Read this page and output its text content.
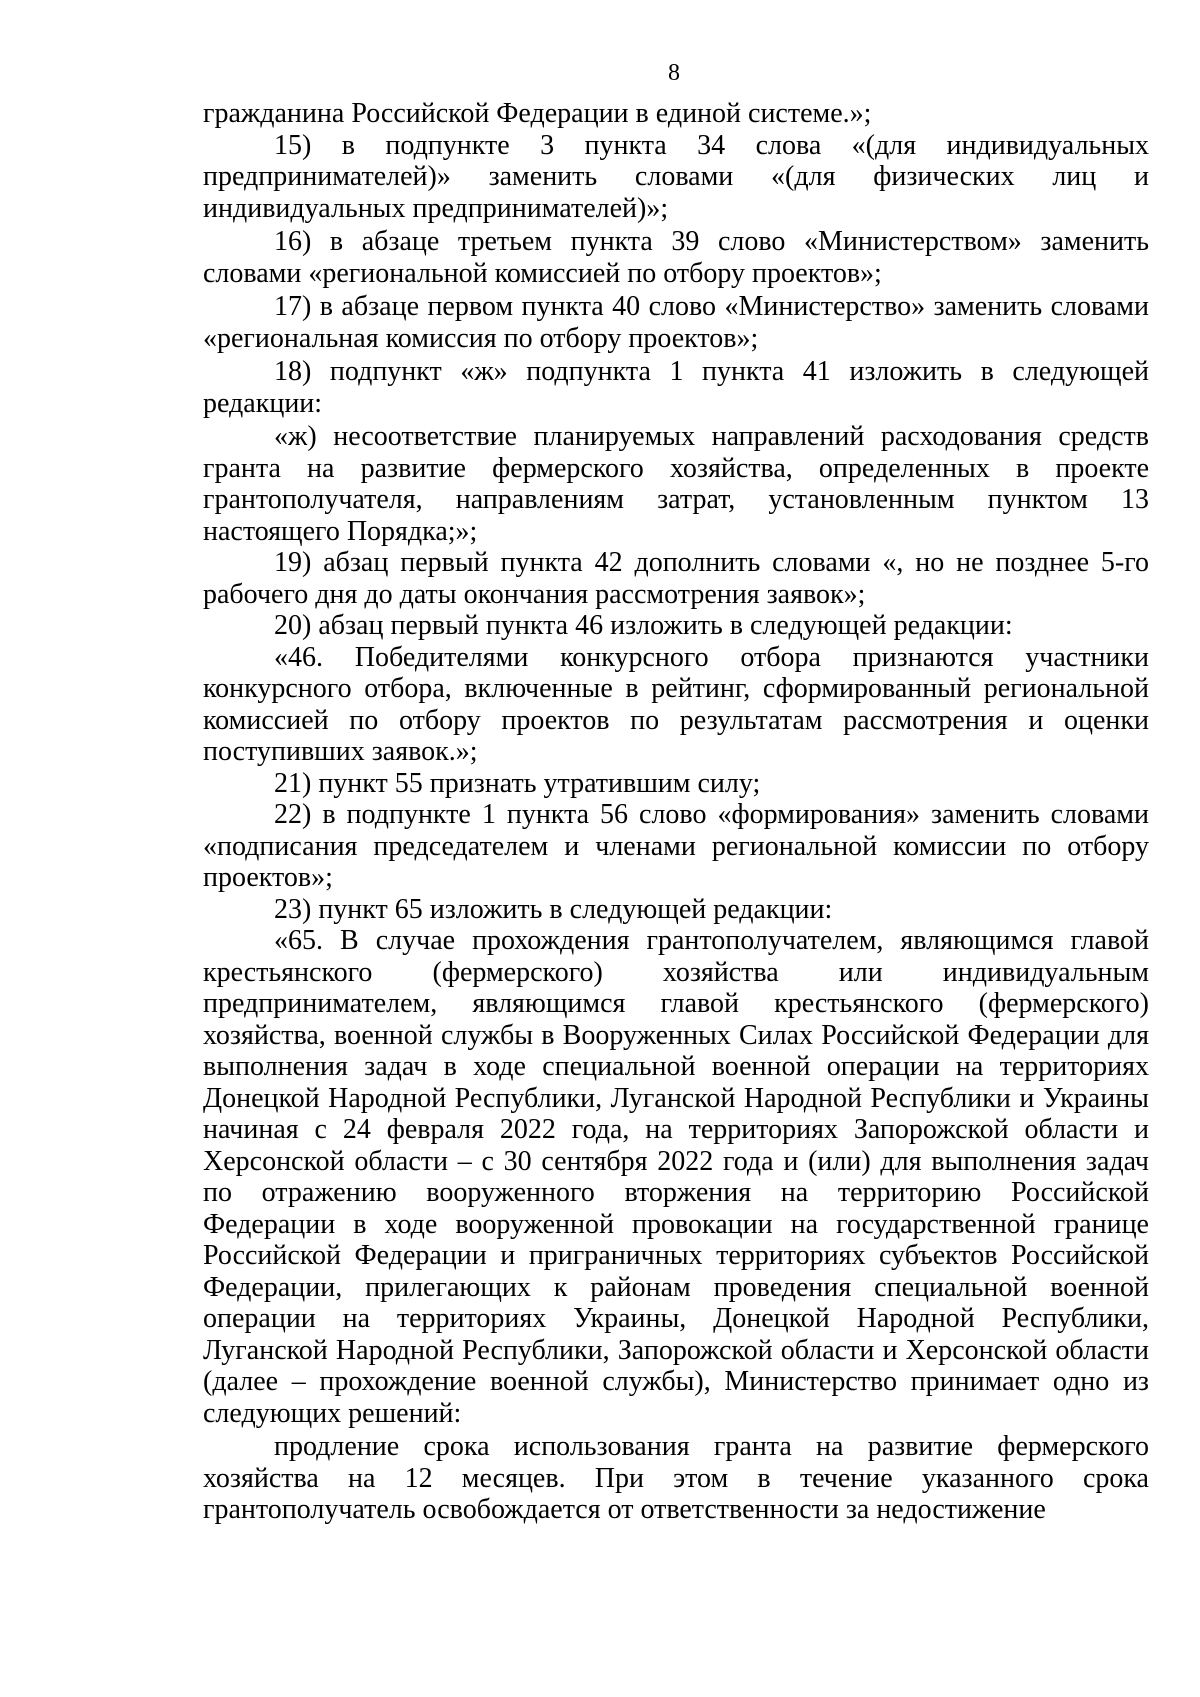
8

гражданина Российской Федерации в единой системе.»;

15) в подпункте 3 пункта 34 слова «(для индивидуальных предпринимателей)» заменить словами «(для физических лиц и индивидуальных предпринимателей)»;

16) в абзаце третьем пункта 39 слово «Министерством» заменить словами «региональной комиссией по отбору проектов»;

17) в абзаце первом пункта 40 слово «Министерство» заменить словами «региональная комиссия по отбору проектов»;

18) подпункт «ж» подпункта 1 пункта 41 изложить в следующей редакции:

«ж) несоответствие планируемых направлений расходования средств гранта на развитие фермерского хозяйства, определенных в проекте грантополучателя, направлениям затрат, установленным пунктом 13 настоящего Порядка;»;

19) абзац первый пункта 42 дополнить словами «, но не позднее 5-го рабочего дня до даты окончания рассмотрения заявок»;

20) абзац первый пункта 46 изложить в следующей редакции:

«46. Победителями конкурсного отбора признаются участники конкурсного отбора, включенные в рейтинг, сформированный региональной комиссией по отбору проектов по результатам рассмотрения и оценки поступивших заявок.»;

21) пункт 55 признать утратившим силу;

22) в подпункте 1 пункта 56 слово «формирования» заменить словами «подписания председателем и членами региональной комиссии по отбору проектов»;

23) пункт 65 изложить в следующей редакции:

«65. В случае прохождения грантополучателем, являющимся главой крестьянского (фермерского) хозяйства или индивидуальным предпринимателем, являющимся главой крестьянского (фермерского) хозяйства, военной службы в Вооруженных Силах Российской Федерации для выполнения задач в ходе специальной военной операции на территориях Донецкой Народной Республики, Луганской Народной Республики и Украины начиная с 24 февраля 2022 года, на территориях Запорожской области и Херсонской области – с 30 сентября 2022 года и (или) для выполнения задач по отражению вооруженного вторжения на территорию Российской Федерации в ходе вооруженной провокации на государственной границе Российской Федерации и приграничных территориях субъектов Российской Федерации, прилегающих к районам проведения специальной военной операции на территориях Украины, Донецкой Народной Республики, Луганской Народной Республики, Запорожской области и Херсонской области (далее – прохождение военной службы), Министерство принимает одно из следующих решений:

продление срока использования гранта на развитие фермерского хозяйства на 12 месяцев. При этом в течение указанного срока грантополучатель освобождается от ответственности за недостижение
